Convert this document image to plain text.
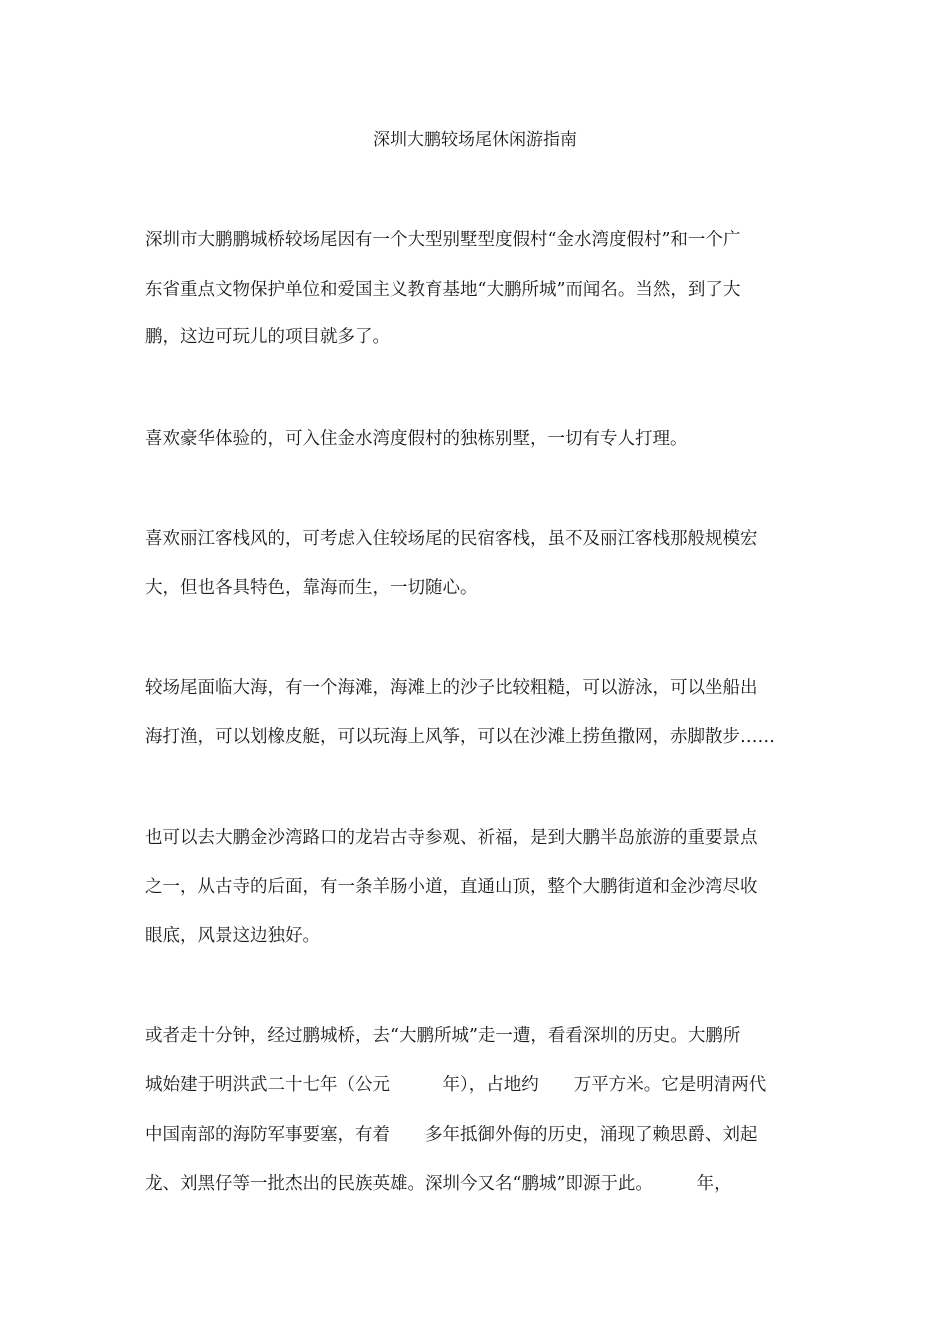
深圳大鹏较场尾休闲游指南

深圳市大鹏鹏城桥较场尾因有一个大型别墅型度假村“金水湾度假村”和一个广

东省重点文物保护单位和爱国主义教育基地“大鹏所城”而闻名。当然，到了大

鹏，这边可玩儿的项目就多了。

喜欢豪华体验的，可入住金水湾度假村的独栋别墅，一切有专人打理。

喜欢丽江客栈风的，可考虑入住较场尾的民宿客栈，虽不及丽江客栈那般规模宏

大，但也各具特色，靠海而生，一切随心。

较场尾面临大海，有一个海滩，海滩上的沙子比较粗糙，可以游泳，可以坐船出

海打渔，可以划橡皮艇，可以玩海上风筝，可以在沙滩上捞鱼撒网，赤脚散步……

也可以去大鹏金沙湾路口的龙岩古寺参观、祈福，是到大鹏半岛旅游的重要景点

之一，从古寺的后面，有一条羊肠小道，直通山顶，整个大鹏街道和金沙湾尽收

眼底，风景这边独好。

或者走十分钟，经过鹏城桥，去“大鹏所城”走一遭，看看深圳的历史。大鹏所

城始建于明洪武二十七年（公元　　　年），占地约　　万平方米。它是明清两代

中国南部的海防军事要塞，有着　　多年抵御外侮的历史，涌现了赖思爵、刘起

龙、刘黑仔等一批杰出的民族英雄。深圳今又名“鹏城”即源于此。　　　年，
